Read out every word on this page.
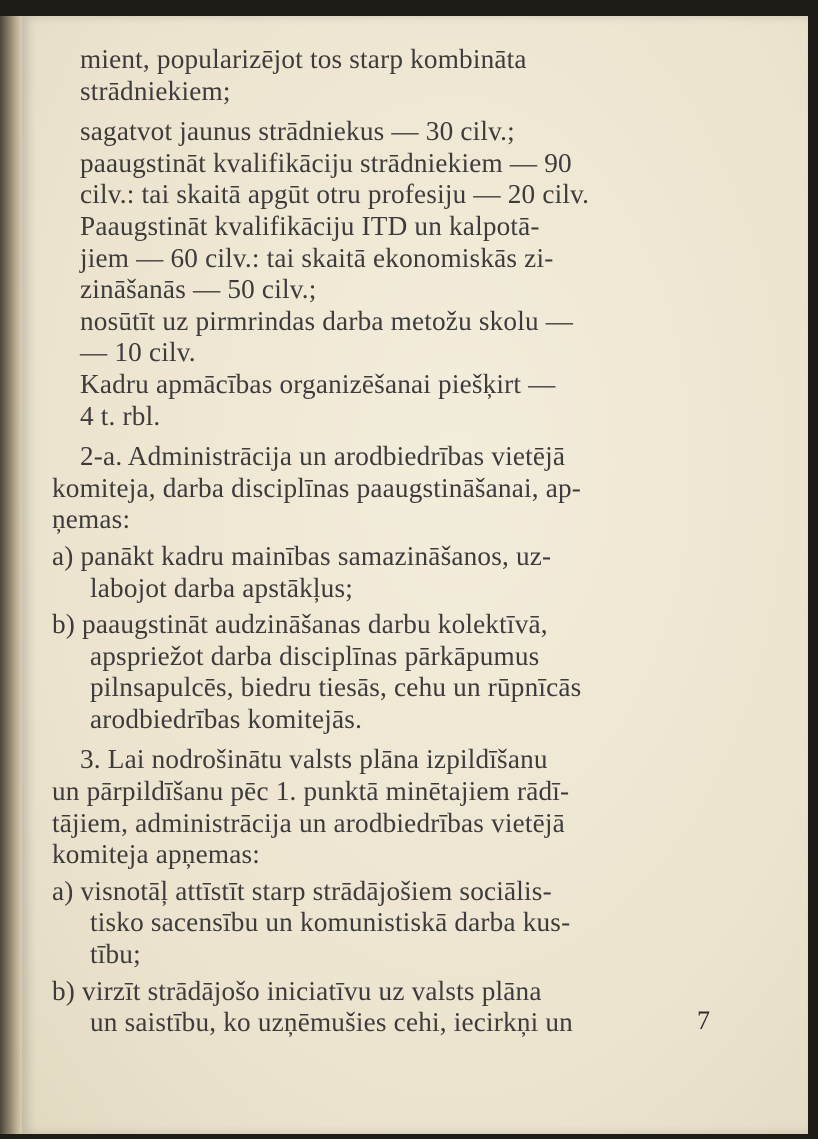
mient, popularizējot tos starp kombināta
strādniekiem;
sagatvot jaunus strādniekus — 30 cilv.;
paaugstināt kvalifikāciju strādniekiem — 90
cilv.: tai skaitā apgūt otru profesiju — 20 cilv.
Paaugstināt kvalifikāciju ITD un kalpotā-
jiem — 60 cilv.: tai skaitā ekonomiskās zi-
zināšanās — 50 cilv.;
nosūtīt uz pirmrindas darba metožu skolu —
— 10 cilv.
Kadru apmācības organizēšanai piešķirt —
4 t. rbl.
2-a. Administrācija un arodbiedrības vietējā
komiteja, darba disciplīnas paaugstināšanai, ap-
ņemas:
a) panākt kadru mainības samazināšanos, uz-
labojot darba apstākļus;
b) paaugstināt audzināšanas darbu kolektīvā,
apspriežot darba disciplīnas pārkāpumus
pilnsapulcēs, biedru tiesās, cehu un rūpnīcās
arodbiedrības komitejās.
3. Lai nodrošinātu valsts plāna izpildīšanu
un pārpildīšanu pēc 1. punktā minētajiem rādī-
tājiem, administrācija un arodbiedrības vietējā
komiteja apņemas:
a) visnotāļ attīstīt starp strādājošiem sociālis-
tisko sacensību un komunistiskā darba kus-
tību;
b) virzīt strādājošo iniciatīvu uz valsts plāna
un saistību, ko uzņēmušies cehi, iecirkņi un	7
